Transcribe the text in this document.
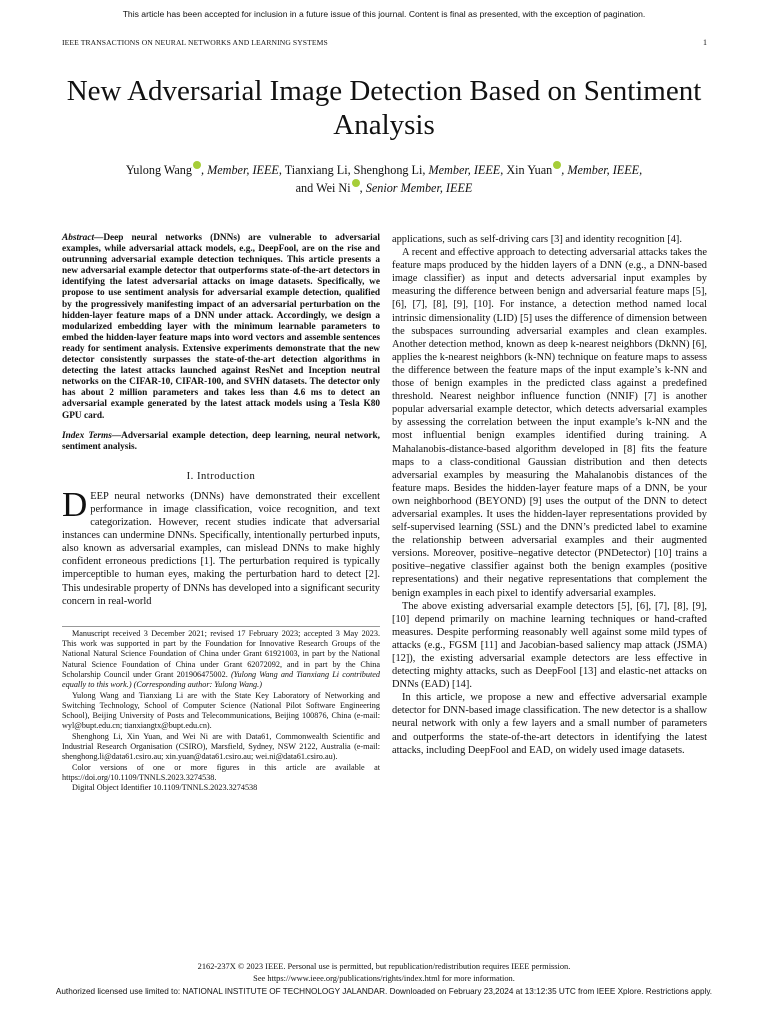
This article has been accepted for inclusion in a future issue of this journal. Content is final as presented, with the exception of pagination.
IEEE TRANSACTIONS ON NEURAL NETWORKS AND LEARNING SYSTEMS	1
New Adversarial Image Detection Based on Sentiment Analysis
Yulong Wang , Member, IEEE, Tianxiang Li, Shenghong Li, Member, IEEE, Xin Yuan , Member, IEEE,
and Wei Ni , Senior Member, IEEE

Abstract—Deep neural networks (DNNs) are vulnerable to adversarial examples, while adversarial attack models, e.g., DeepFool, are on the rise and outrunning adversarial example detection techniques. This article presents a new adversarial example detector that outperforms state-of-the-art detectors in identifying the latest adversarial attacks on image datasets. Specifically, we propose to use sentiment analysis for adversarial example detection, qualified by the progressively manifesting impact of an adversarial perturbation on the hidden-layer feature maps of a DNN under attack. Accordingly, we design a modularized embedding layer with the minimum learnable parameters to embed the hidden-layer feature maps into word vectors and assemble sentences ready for sentiment analysis. Extensive experiments demonstrate that the new detector consistently surpasses the state-of-the-art detection algorithms in detecting the latest attacks launched against ResNet and Inception neutral networks on the CIFAR-10, CIFAR-100, and SVHN datasets. The detector only has about 2 million parameters and takes less than 4.6 ms to detect an adversarial example generated by the latest attack models using a Tesla K80 GPU card.

Index Terms—Adversarial example detection, deep learning, neural network, sentiment analysis.

I. Introduction

DEEP neural networks (DNNs) have demonstrated their excellent performance in image classification, voice recognition, and text categorization. However, recent studies indicate that adversarial instances can undermine DNNs. Specifically, intentionally perturbed inputs, also known as adversarial examples, can mislead DNNs to make highly confident erroneous predictions [1]. The perturbation required is typically imperceptible to human eyes, making the perturbation hard to detect [2]. This undesirable property of DNNs has developed into a significant security concern in real-world

Manuscript received 3 December 2021; revised 17 February 2023; accepted 3 May 2023. This work was supported in part by the Foundation for Innovative Research Groups of the National Natural Science Foundation of China under Grant 61921003, in part by the National Natural Science Foundation of China under Grant 62072092, and in part by the China Scholarship Council under Grant 201906475002. (Yulong Wang and Tianxiang Li contributed equally to this work.) (Corresponding author: Yulong Wang.)

Yulong Wang and Tianxiang Li are with the State Key Laboratory of Networking and Switching Technology, School of Computer Science (National Pilot Software Engineering School), Beijing University of Posts and Telecommunications, Beijing 100876, China (e-mail: wyl@bupt.edu.cn; tianxiangtx@bupt.edu.cn).

Shenghong Li, Xin Yuan, and Wei Ni are with Data61, Commonwealth Scientific and Industrial Research Organisation (CSIRO), Marsfield, Sydney, NSW 2122, Australia (e-mail: shenghong.li@data61.csiro.au; xin.yuan@data61.csiro.au; wei.ni@data61.csiro.au).

Color versions of one or more figures in this article are available at https://doi.org/10.1109/TNNLS.2023.3274538.

Digital Object Identifier 10.1109/TNNLS.2023.3274538

applications, such as self-driving cars [3] and identity recognition [4].

A recent and effective approach to detecting adversarial attacks takes the feature maps produced by the hidden layers of a DNN (e.g., a DNN-based image classifier) as input and detects adversarial input examples by measuring the difference between benign and adversarial feature maps [5], [6], [7], [8], [9], [10]. For instance, a detection method named local intrinsic dimensionality (LID) [5] uses the difference of dimension between the subspaces surrounding adversarial examples and clean examples. Another detection method, known as deep k-nearest neighbors (DkNN) [6], applies the k-nearest neighbors (k-NN) technique on feature maps to assess the difference between the feature maps of the input example’s k-NN and those of benign examples in the predicted class against a predefined threshold. Nearest neighbor influence function (NNIF) [7] is another popular adversarial example detector, which detects adversarial examples by assessing the correlation between the input example’s k-NN and the most influential benign examples identified during training. A Mahalanobis-distance-based algorithm developed in [8] fits the feature maps to a class-conditional Gaussian distribution and then detects adversarial examples by measuring the Mahalanobis distances of the feature maps. Besides the hidden-layer feature maps of a DNN, be your own neighborhood (BEYOND) [9] uses the output of the DNN to detect adversarial examples. It uses the hidden-layer representations provided by self-supervised learning (SSL) and the DNN’s predicted label to examine the relationship between adversarial examples and their augmented versions. Moreover, positive–negative detector (PNDetector) [10] trains a positive–negative classifier against both the benign examples (positive representations) and their negative representations that complement the benign examples in each pixel to identify adversarial examples.

The above existing adversarial example detectors [5], [6], [7], [8], [9], [10] depend primarily on machine learning techniques or hand-crafted measures. Despite performing reasonably well against some mild types of attacks (e.g., FGSM [11] and Jacobian-based saliency map attack (JSMA) [12]), the existing adversarial example detectors are less effective in detecting mighty attacks, such as DeepFool [13] and elastic-net attacks on DNNs (EAD) [14].

In this article, we propose a new and effective adversarial example detector for DNN-based image classification. The new detector is a shallow neural network with only a few layers and a small number of parameters and outperforms the state-of-the-art detectors in identifying the latest attacks, including DeepFool and EAD, on widely used image datasets.

2162-237X © 2023 IEEE. Personal use is permitted, but republication/redistribution requires IEEE permission.
See https://www.ieee.org/publications/rights/index.html for more information.
Authorized licensed use limited to: NATIONAL INSTITUTE OF TECHNOLOGY JALANDAR. Downloaded on February 23,2024 at 13:12:35 UTC from IEEE Xplore. Restrictions apply.
